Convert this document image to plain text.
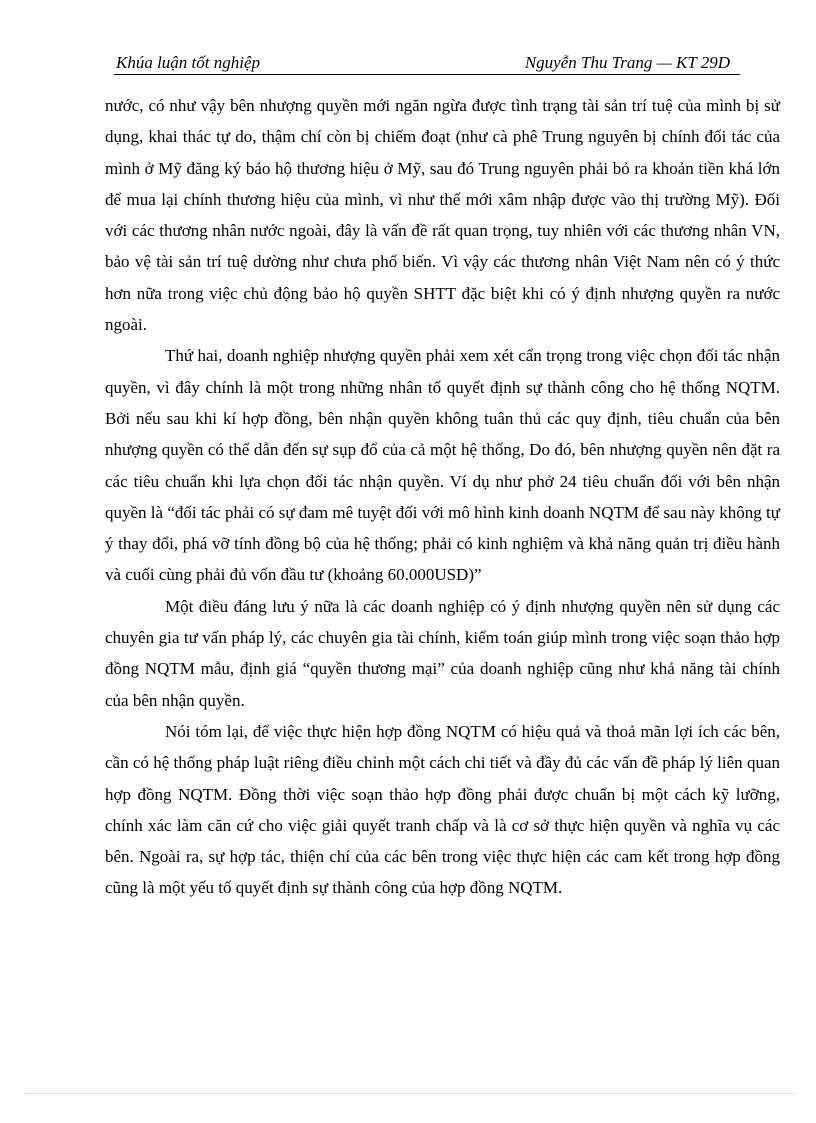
Khúa luận tốt nghiệp	Nguyễn Thu Trang — KT 29D

nước, có như vậy bên nhượng quyền mới ngăn ngừa được tình trạng tài sản trí tuệ của mình bị sử dụng, khai thác tự do, thậm chí còn bị chiếm đoạt (như cà phê Trung nguyên bị chính đối tác của mình ở Mỹ đăng ký bảo hộ thương hiệu ở Mỹ, sau đó Trung nguyên phải bỏ ra khoản tiền khá lớn để mua lại chính thương hiệu của mình, vì như thế mới xâm nhập được vào thị trường Mỹ). Đối với các thương nhân nước ngoài, đây là vấn đề rất quan trọng, tuy nhiên với các thương nhân VN, bảo vệ tài sản trí tuệ dường như chưa phổ biến. Vì vậy các thương nhân Việt Nam nên có ý thức hơn nữa trong việc chủ động bảo hộ quyền SHTT đặc biệt khi có ý định nhượng quyền ra nước ngoài.

Thứ hai, doanh nghiệp nhượng quyền phải xem xét cẩn trọng trong việc chọn đối tác nhận quyền, vì đây chính là một trong những nhân tố quyết định sự thành công cho hệ thống NQTM. Bởi nếu sau khi kí hợp đồng, bên nhận quyền không tuân thủ các quy định, tiêu chuẩn của bên nhượng quyền có thể dẫn đến sự sụp đổ của cả một hệ thống, Do đó, bên nhượng quyền nên đặt ra các tiêu chuẩn khi lựa chọn đối tác nhận quyền. Ví dụ như phở 24 tiêu chuẩn đối với bên nhận quyền là “đối tác phải có sự đam mê tuyệt đối với mô hình kinh doanh NQTM để sau này không tự ý thay đổi, phá vỡ tính đồng bộ của hệ thống; phải có kinh nghiệm và khả năng quản trị điều hành và cuối cùng phải đủ vốn đầu tư (khoảng 60.000USD)”

Một điều đáng lưu ý nữa là các doanh nghiệp có ý định nhượng quyền nên sử dụng các chuyên gia tư vấn pháp lý, các chuyên gia tài chính, kiểm toán giúp mình trong việc soạn thảo hợp đồng NQTM mẫu, định giá “quyền thương mại” của doanh nghiệp cũng như khả năng tài chính của bên nhận quyền.

Nói tóm lại, để việc thực hiện hợp đồng NQTM có hiệu quả và thoả mãn lợi ích các bên, cần có hệ thống pháp luật riêng điều chỉnh một cách chi tiết và đầy đủ các vấn đề pháp lý liên quan hợp đồng NQTM. Đồng thời việc soạn thảo hợp đồng phải được chuẩn bị một cách kỹ lưỡng, chính xác làm căn cứ cho việc giải quyết tranh chấp và là cơ sở thực hiện quyền và nghĩa vụ các bên. Ngoài ra, sự hợp tác, thiện chí của các bên trong việc thực hiện các cam kết trong hợp đồng cũng là một yếu tố quyết định sự thành công của hợp đồng NQTM.
